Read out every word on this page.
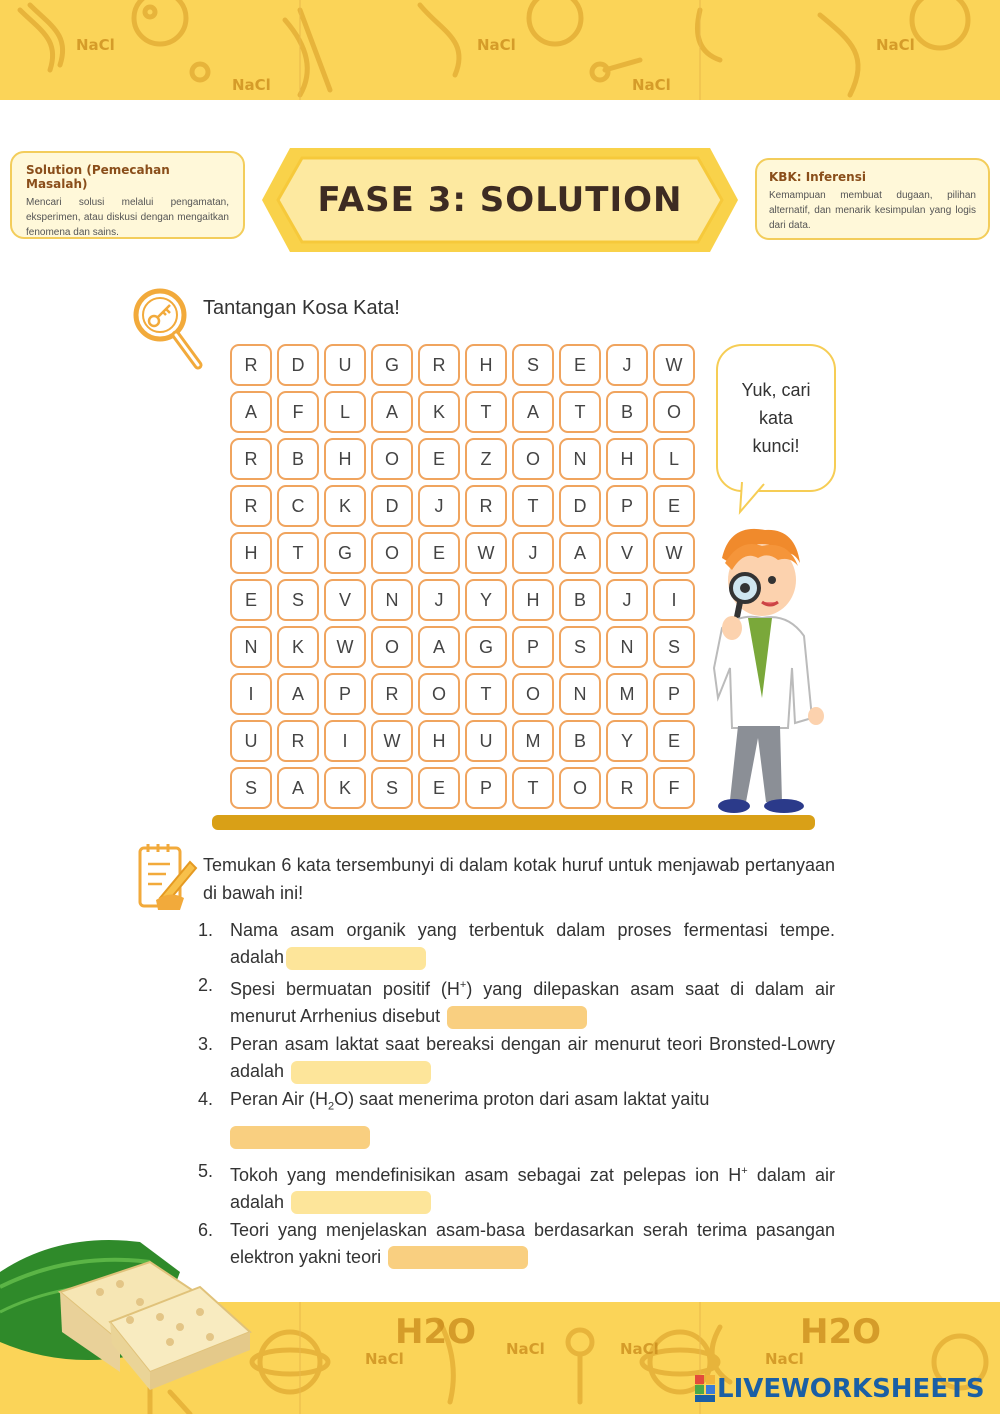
NaCl
NaCl
NaCl
NaCl
NaCl
Solution (Pemecahan Masalah)

Mencari solusi melalui pengamatan, eksperimen, atau diskusi dengan mengaitkan fenomena dan sains.

FASE 3: SOLUTION
KBK: Inferensi

Kemampuan membuat dugaan, pilihan alternatif, dan menarik kesimpulan yang logis dari data.

Tantangan Kosa Kata!
R	D	U	G	R	H	S	E	J	W
A	F	L	A	K	T	A	T	B	O
R	B	H	O	E	Z	O	N	H	L
R	C	K	D	J	R	T	D	P	E
H	T	G	O	E	W	J	A	V	W
E	S	V	N	J	Y	H	B	J	I
N	K	W	O	A	G	P	S	N	S
I	A	P	R	O	T	O	N	M	P
U	R	I	W	H	U	M	B	Y	E
S	A	K	S	E	P	T	O	R	F
Yuk, cari kata kunci!
Temukan 6 kata tersembunyi di dalam kotak huruf untuk menjawab pertanyaan di bawah ini!
1. Nama asam organik yang terbentuk dalam proses fermentasi tempe. adalah
2. Spesi bermuatan positif (H+) yang dilepaskan asam saat di dalam air menurut Arrhenius disebut
3. Peran asam laktat saat bereaksi dengan air menurut teori Bronsted-Lowry adalah
4. Peran Air $(H_2O)$ saat menerima proton dari asam laktat yaitu
5. Tokoh yang mendefinisikan asam sebagai zat pelepas ion H+ dalam air adalah
6. Teori yang menjelaskan asam-basa berdasarkan serah terima pasangan elektron yakni teori
H2O
NaCl
NaCl	NaCl
NaCl
H2O
LIVEWORKSHEETS
